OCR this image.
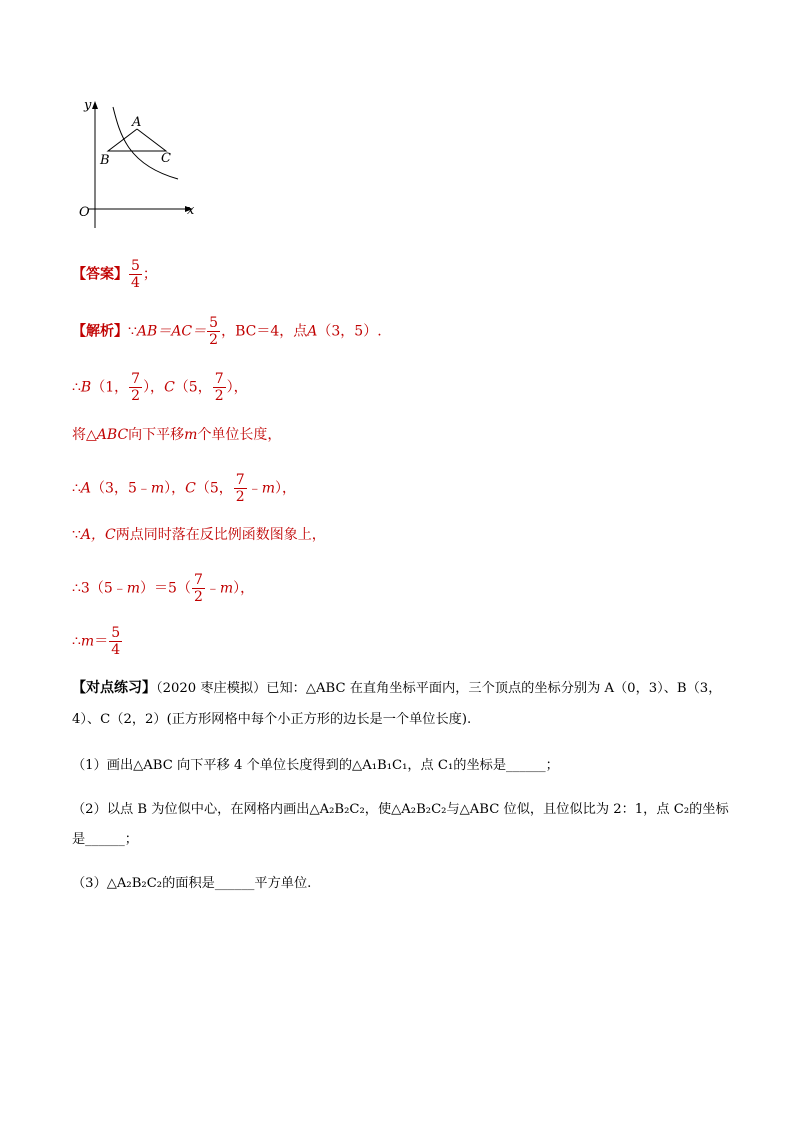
y
x
O
A
B	C
【答案】 $\frac{5}{4}$ ；
【解析】∵AB＝AC＝ $\frac{5}{2}$ ，BC＝4，点A（3，5）.
∴B（1， $\frac{7}{2}$ ），C（5， $\frac{7}{2}$ ），
将△ABC向下平移m个单位长度，
∴A（3，5﹣m），C（5， $\frac{7}{2}$ ﹣m），
∵A，C两点同时落在反比例函数图象上，
∴3（5﹣m）＝5（ $\frac{7}{2}$ ﹣m），
∴m＝ $\frac{5}{4}$
【对点练习】（2020 枣庄模拟）已知：△ABC 在直角坐标平面内，三个顶点的坐标分别为 A（0，3）、B（3，
4）、C（2，2）(正方形网格中每个小正方形的边长是一个单位长度).
（1）画出△ABC 向下平移 4 个单位长度得到的△A₁B₁C₁，点 C₁的坐标是______；
（2）以点 B 为位似中心，在网格内画出△A₂B₂C₂，使△A₂B₂C₂与△ABC 位似，且位似比为 2：1，点 C₂的坐标
是______；
（3）△A₂B₂C₂的面积是______平方单位.
